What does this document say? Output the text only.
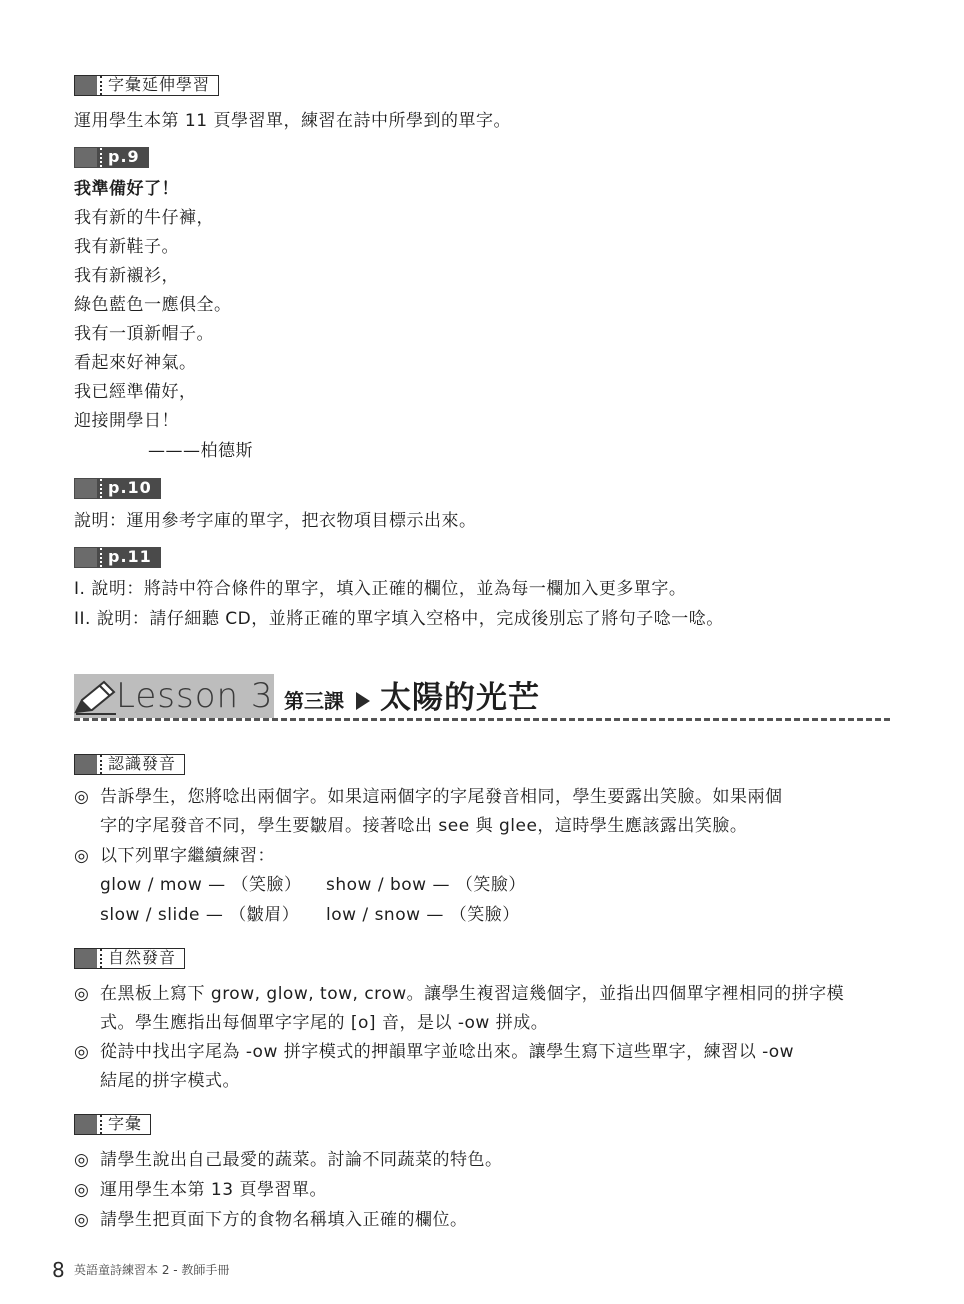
字彙延伸學習
運用學生本第 11 頁學習單，練習在詩中所學到的單字。
p.9
我準備好了！
我有新的牛仔褲，
我有新鞋子。
我有新襯衫，
綠色藍色一應俱全。
我有一頂新帽子。
看起來好神氣。
我已經準備好，
迎接開學日！
———柏德斯
p.10
說明：運用參考字庫的單字，把衣物項目標示出來。
p.11
I. 說明：將詩中符合條件的單字，填入正確的欄位，並為每一欄加入更多單字。
II. 說明：請仔細聽 CD，並將正確的單字填入空格中，完成後別忘了將句子唸一唸。
Lesson 3 第三課 太陽的光芒
認識發音
◎ 告訴學生，您將唸出兩個字。如果這兩個字的字尾發音相同，學生要露出笑臉。如果兩個
字的字尾發音不同，學生要皺眉。接著唸出 see 與 glee，這時學生應該露出笑臉。
◎ 以下列單字繼續練習：
glow / mow — （笑臉） show / bow — （笑臉）
slow / slide — （皺眉） low / snow — （笑臉）
自然發音
◎ 在黑板上寫下 grow, glow, tow, crow。讓學生複習這幾個字，並指出四個單字裡相同的拼字模
式。學生應指出每個單字字尾的 [o] 音，是以 -ow 拼成。
◎ 從詩中找出字尾為 -ow 拼字模式的押韻單字並唸出來。讓學生寫下這些單字，練習以 -ow
結尾的拼字模式。
字彙
◎ 請學生說出自己最愛的蔬菜。討論不同蔬菜的特色。
◎ 運用學生本第 13 頁學習單。
◎ 請學生把頁面下方的食物名稱填入正確的欄位。
8 英語童詩練習本 2 - 教師手冊
